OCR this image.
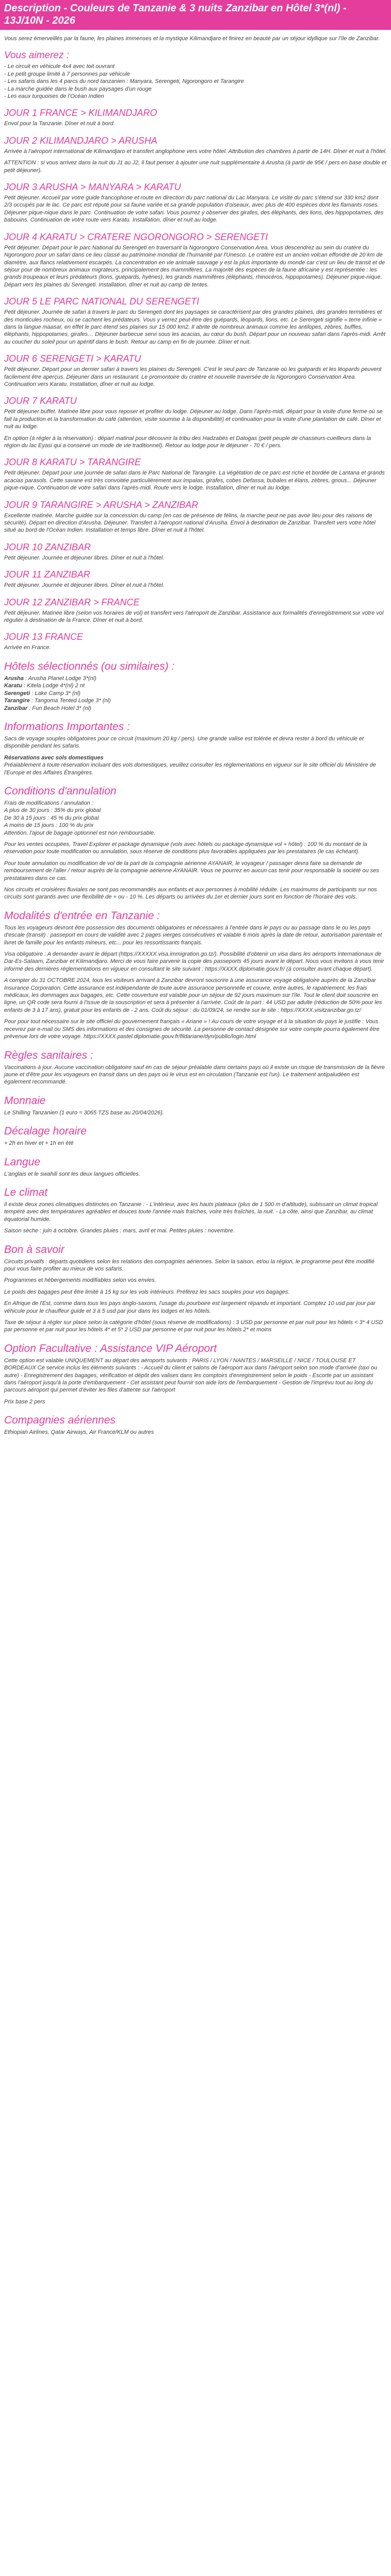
Description - Couleurs de Tanzanie & 3 nuits Zanzibar en Hôtel 3*(nl) - 13J/10N - 2026

Vous serez émerveillés par la faune, les plaines immenses et la mystique Kilimandjaro et finirez en beauté par un séjour idyllique sur l'île de Zanzibar.

Vous aimerez :
- Le circuit en véhicule 4x4 avec toit ouvrant
- Le petit groupe limité à 7 personnes par véhicule
- Les safaris dans les 4 parcs du nord tanzanien : Manyara, Serengeti, Ngorongoro et Tarangire
- La marche guidée dans le bush aux paysages d'un rouge
- Les eaux turquoises de l'Océan Indien
JOUR 1 FRANCE > KILIMANDJARO

Envol pour la Tanzanie. Dîner et nuit à bord.

JOUR 2 KILIMANDJARO > ARUSHA

Arrivée à l'aéroport international de Kilimandjaro et transfert anglophone vers votre hôtel. Attribution des chambres à partir de 14H. Dîner et nuit à l'hôtel.

ATTENTION : si vous arrivez dans la nuit du J1 au J2, il faut penser à ajouter une nuit supplémentaire à Arusha (à partir de 95€ / pers en base double et petit déjeuner).

JOUR 3 ARUSHA > MANYARA > KARATU

Petit déjeuner. Accueil par votre guide francophone et route en direction du parc national du Lac Manyara. Le visite du parc s'étend sur 330 km2 dont 2/3 occupés par le lac. Ce parc est réputé pour sa faune variée et sa grande population d'oiseaux, avec plus de 400 espèces dont les flamants roses. Déjeuner pique-nique dans le parc. Continuation de votre safari. Vous pourrez y observer des girafes, des éléphants, des lions, des hippopotames, des babouins. Continuation de votre route vers Karatu. Installation, dîner et nuit au lodge.

JOUR 4 KARATU > CRATERE NGORONGORO > SERENGETI

Petit déjeuner. Départ pour le parc National du Serengeti en traversant la Ngorongoro Conservation Area. Vous descendrez au sein du cratère du Ngorongoro pour un safari dans ce lieu classé au patrimoine mondial de l'humanité par l'Unesco. Le cratère est un ancien volcan effondré de 20 km de diamètre, aux flancs relativement escarpés. La concentration en vie animale sauvage y est la plus importante du monde car c'est un lieu de transit et de séjour pour de nombreux animaux migrateurs, principalement des mammifères. La majorité des espèces de la faune africaine y est représentée : les grands troupeaux et leurs prédateurs (lions, guépards, hyènes), les grands mammifères (éléphants, rhinocéros, hippopotames). Déjeuner pique-nique. Départ vers les plaines du Serengeti. Installation, dîner et nuit au camp de tentes.

JOUR 5 LE PARC NATIONAL DU SERENGETI

Petit déjeuner. Journée de safari à travers le parc du Serengeti dont les paysages se caractérisent par des grandes plaines, des grandes termitières et des monticules rocheux, où se cachent les prédateurs. Vous y verrez peut-être des guépards, léopards, lions, etc. Le Serengeti signifie « terre infinie » dans la langue maasaï, en effet le parc étend ses plaines sur 15 000 km2. Il abrite de nombreux animaux comme les antilopes, zèbres, buffles, éléphants, hippopotames, girafes… Déjeuner barbecue servi sous les acacias, au cœur du bush. Départ pour un nouveau safari dans l'après-midi. Arrêt au coucher du soleil pour un apéritif dans le bush. Retour au camp en fin de journée. Dîner et nuit.

JOUR 6 SERENGETI > KARATU

Petit déjeuner. Départ pour un dernier safari à travers les plaines du Serengeti. C'est le seul parc de Tanzanie où les guépards et les léopards peuvent facilement être aperçus. Déjeuner dans un restaurant. Le promontoire du cratère et nouvelle traversée de la Ngorongoro Conservation Area. Continuation vers Karatu. Installation, dîner et nuit au lodge.

JOUR 7 KARATU

Petit déjeuner buffet. Matinée libre pour vous reposer et profiter du lodge. Déjeuner au lodge. Dans l'après-midi, départ pour la visite d'une ferme où se fait la production et la transformation du café (attention, visite soumise à la disponibilité) et continuation pour la visite d'une plantation de café. Dîner et nuit au lodge.

En option (à régler à la réservation) : départ matinal pour découvrir la tribu des Hadzabés et Datogas (petit peuple de chasseurs-cueilleurs dans la région du lac Eyasi qui a conservé un mode de vie traditionnel). Retour au lodge pour le déjeuner - 70 € / pers.

JOUR 8 KARATU > TARANGIRE

Petit déjeuner. Départ pour une journée de safari dans le Parc National de Tarangire. La végétation de ce parc est riche et bordée de Lantana et grands acacias parasols. Cette savane est très convoitée particulièrement aux impalas, girafes, cobes Defassa, bubales et élans, zèbres, gnous... Déjeuner pique-nique. Continuation de votre safari dans l'après-midi. Route vers le lodge. Installation, dîner et nuit au lodge.

JOUR 9 TARANGIRE > ARUSHA > ZANZIBAR

Excellente matinée. Marche guidée sur la concession du camp (en cas de présence de félins, la marche peut ne pas avoir lieu pour des raisons de sécurité). Départ en direction d'Arusha. Déjeuner. Transfert à l'aéroport national d'Arusha. Envol à destination de Zanzibar. Transfert vers votre hôtel situé au bord de l'Océan Indien. Installation et temps libre. Dîner et nuit à l'hôtel.

JOUR 10 ZANZIBAR

Petit déjeuner. Journée et déjeuner libres. Dîner et nuit à l'hôtel.

JOUR 11 ZANZIBAR

Petit déjeuner. Journée et déjeuner libres. Dîner et nuit à l'hôtel.

JOUR 12 ZANZIBAR > FRANCE

Petit déjeuner. Matinée libre (selon vos horaires de vol) et transfert vers l'aéroport de Zanzibar. Assistance aux formalités d'enregistrement sur votre vol régulier à destination de la France. Dîner et nuit à bord.

JOUR 13 FRANCE

Arrivée en France.

Hôtels sélectionnés (ou similaires) :
Arusha : Arusha Planet Lodge 3*(nl)
Karatu : Kitela Lodge 4*(nl) 2 nt
Serengeti : Lake Camp 3* (nl)
Tarangire : Tangoma Tented Lodge 3* (nl)
Zanzibar : Fun Beach Hotel 3* (nl)
Informations Importantes :

Sacs de voyage souples obligatoires pour ce circuit (maximum 20 kg / pers). Une grande valise est tolérée et devra rester à bord du véhicule et disponible pendant les safaris.

Réservations avec sols domestiques

Préalablement à toute réservation incluant des vols domestiques, veuillez consulter les réglementations en vigueur sur le site officiel du Ministère de l'Europe et des Affaires Étrangères.

Conditions d'annulation
Frais de modifications / annulation :
A plus de 30 jours : 35% du prix global
De 30 à 15 jours : 45 % du prix global
A moins de 15 jours : 100 % du prix
Attention, l'ajout de bagage optionnel est non remboursable.

Pour les ventes occupées, Travel Explorer et package dynamique (vols avec hôtels ou package dynamique vol + hôtel) : 100 % du montant de la réservation pour toute modification ou annulation, sous réserve de conditions plus favorables appliquées par les prestataires (le cas échéant).

Pour toute annulation ou modification de vol de la part de la compagnie aérienne AYANAIR, le voyageur / passager devra faire sa demande de remboursement de l'aller / retour auprès de la compagnie aérienne AYANAIR. Vous ne pourrez en aucun cas tenir pour responsable la société ou ses prestataires dans ce cas.

Nos circuits et croisières fluviales ne sont pas recommandés aux enfants et aux personnes à mobilité réduite. Les maximums de participants sur nos circuits sont garantis avec une flexibilité de + ou - 10 %. Les départs ou arrivées du 1er et dernier jours sont en fonction de l'horaire des vols.

Modalités d'entrée en Tanzanie :

Tous les voyageurs devront être possession des documents obligatoires et nécessaires à l'entrée dans le pays ou au passage dans le ou les pays d'escale (transit) : passeport en cours de validité avec 2 pages vierges consécutives et valable 6 mois après la date de retour, autorisation parentale et livret de famille pour les enfants mineurs, etc... pour les ressortissants français.

Visa obligatoire : A demander avant le départ (https://XXXXX.visa.immigration.go.tz/). Possibilité d'obtenir un visa dans les aéroports internationaux de Dar-Es-Salaam, Zanzibar et Kilimandjaro. Merci de vous faire parvenir la copie des passeports 45 jours avant le départ. Nous vous invitons à vous tenir informé des dernières réglementations en vigueur en consultant le site suivant : https://XXXX.diplomatie.gouv.fr/ (à consulter avant chaque départ).

A compter du 31 OCTOBRE 2024, tous les visiteurs arrivant à Zanzibar devront souscrire à une assurance voyage obligatoire auprès de la Zanzibar Insurance Corporation. Cette assurance est indépendante de toute autre assurance personnelle et couvre, entre autres, le rapatriement, les frais médicaux, les dommages aux bagages, etc. Cette couverture est valable pour un séjour de 92 jours maximum sur l'île. Tout le client doit souscrire en ligne, un QR code sera fourni à l'issue de la souscription et sera à présenter à l'arrivée. Coût de la part : 44 USD par adulte (réduction de 50% pour les enfants de 3 à 17 ans), gratuit pour les enfants de - 2 ans. Coût du séjour : du 01/09/24, se rendre sur le site : https://XXXX.visitzanzibar.go.tz/

Pour pour tout nécessaire sur le site officiel du gouvernement français « Ariane » ! Au cours de votre voyage et à la situation du pays le justifie : Vous recevrez par e-mail ou SMS des informations et des consignes de sécurité. La personne de contact désignée sur votre compte pourra également être prévenue lors de votre voyage. https://XXXX.pastel.diplomatie.gouv.fr/fildariane/dyn/public/login.html

Règles sanitaires :

Vaccinations à jour. Aucune vaccination obligatoire sauf en cas de séjour préalable dans certains pays où il existe un risque de transmission de la fièvre jaune et d'être pour les voyageurs en transit dans un des pays où le virus est en circulation (Tanzanie est l'un). Le traitement antipaludéen est également recommandé.

Monnaie

Le Shilling Tanzanien (1 euro = 3065 TZS base au 20/04/2026).

Décalage horaire

+ 2h en hiver et + 1h en été

Langue

L'anglais et le swahili sont les deux langues officielles.

Le climat

Il existe deux zones climatiques distinctes en Tanzanie : - L'intérieur, avec les hauts plateaux (plus de 1 500 m d'altitude), subissant un climat tropical tempéré avec des températures agréables et douces toute l'année mais fraîches, voire très fraîches, la nuit. - La côte, ainsi que Zanzibar, au climat équatorial humide.

Saison sèche : juin à octobre. Grandes pluies : mars, avril et mai. Petites pluies : novembre.

Bon à savoir

Circuits privatifs : départs quotidiens selon les relations des compagnies aériennes. Selon la saison, et/ou la région, le programme peut être modifié pour vous faire profiter au mieux de vos safaris.

Programmes et hébergements modifiables selon vos envies.

Le poids des bagages peut être limité à 15 kg sur les vols intérieurs. Préférez les sacs souples pour vos bagages.

En Afrique de l'Est, comme dans tous les pays anglo-saxons, l'usage du pourboire est largement répandu et important. Comptez 10 usd par jour par véhicule pour le chauffeur guide et 3 à 5 usd par jour dans les lodges et les hôtels.

Taxe de séjour à régler sur place selon la catégorie d'hôtel (sous réserve de modifications) : 3 USD par personne et par nuit pour les hôtels < 3* 4 USD par personne et par nuit pour les hôtels 4* et 5* 2 USD par personne et par nuit pour les hôtels 2* et moins

Option Facultative : Assistance VIP Aéroport

Cette option est valable UNIQUEMENT au départ des aéroports suivants : PARIS / LYON / NANTES / MARSEILLE / NICE / TOULOUSE ET BORDEAUX Ce service inclus les éléments suivants : - Accueil du client et salons de l'aéroport aux dans l'aéroport selon son mode d'arrivée (taxi ou autre) - Enregistrement des bagages, vérification et dépôt des valises dans les comptoirs d'enregistrement selon le poids - Escorte par un assistant dans l'aéroport jusqu'à la porte d'embarquement - Cet assistant peut fournir son aide lors de l'embarquement - Gestion de l'imprévu tout au long du parcours aéroport qui permet d'éviter les files d'attente sur l'aéroport

Prix base 2 pers

Compagnies aériennes

Ethiopian Airlines, Qatar Airways, Air France/KLM ou autres
